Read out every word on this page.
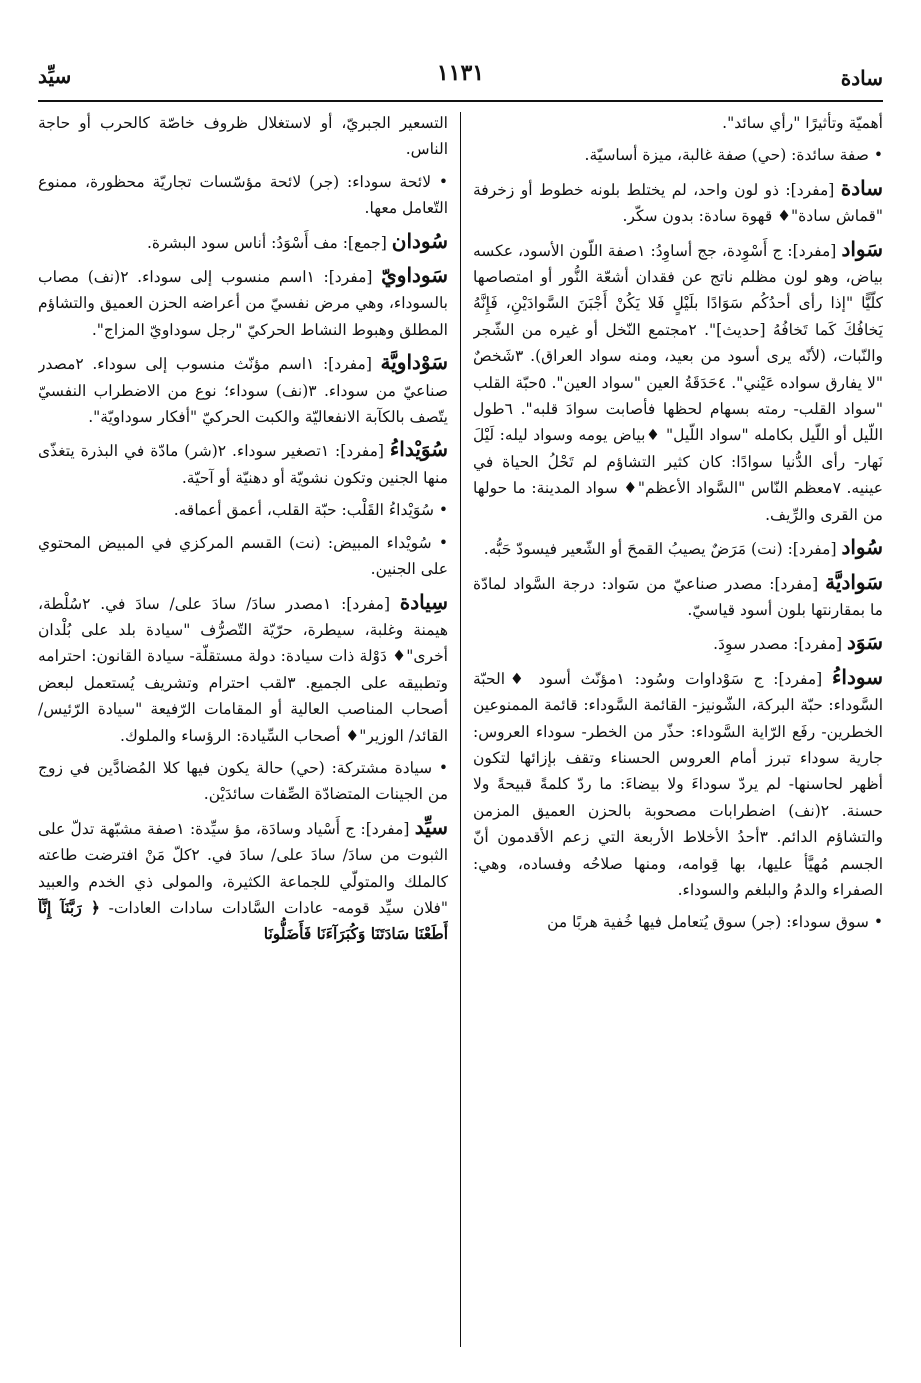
سادة
١١٣١
سيِّد

أهميّة وتأثيرًا "رأي سائد".

• صفة سائدة: (حي) صفة غالبة، ميزة أساسيّة.

سادة [مفرد]: ذو لون واحد، لم يختلط بلونه خطوط أو زخرفة "قماش سادة"♦ قهوة سادة: بدون سكّر.

سَواد [مفرد]: ج أَسْوِدة، جج أساوِدُ: ١صفة اللّون الأسود، عكسه بياض، وهو لون مظلم ناتج عن فقدان أشعّة النُّور أو امتصاصها كلّيًّا "إذا رأى أحدُكُم سَوَادًا بلَيْلٍ فَلا يَكُنْ أَجْبَنَ السَّوادَيْنِ، فَإِنَّهُ يَخافُكَ كَما تَخافُهُ [حديث]". ٢مجتمع النّخل أو غيره من الشّجر والنّبات، (لأنّه يرى أسود من بعيد، ومنه سواد العراق). ٣شَخصٌ "لا يفارق سواده عَيْني". ٤حَدَقَةُ العين "سواد العين". ٥حبّة القلب "سواد القلب- رمته بسهام لحظها فأصابت سوادَ قلبه". ٦طول اللّيل أو اللّيل بكامله "سواد اللّيل" ♦بياض يومه وسواد ليله: لَيْلَ نَهار- رأى الدُّنيا سوادًا: كان كثير التشاؤم لم تَحْلُ الحياة في عينيه. ٧معظم النّاس "السَّواد الأعظم"♦ سواد المدينة: ما حولها من القرى والرِّيف.

سُواد [مفرد]: (نت) مَرَضٌ يصيبُ القمحَ أو الشّعير فيسودّ حَبُّه.

سَواديَّة [مفرد]: مصدر صناعيّ من سَواد: درجة السَّواد لمادّة ما بمقارنتها بلون أسود قياسيّ.

سَوَد [مفرد]: مصدر سوِدَ.

سوداءُ [مفرد]: ج سَوْداوات وسُود: ١مؤنّث أسود ♦الحبّة السَّوداء: حبّة البركة، الشّونيز- القائمة السَّوداء: قائمة الممنوعين الخطرين- رفَع الرّاية السَّوداء: حذّر من الخطر- سوداء العروس: جارية سوداء تبرز أمام العروس الحسناء وتقف بإزائها لتكون أظهر لحاسنها- لم يردّ سوداءَ ولا بيضاءَ: ما ردّ كلمةً قبيحةً ولا حسنة. ٢(نف) اضطرابات مصحوبة بالحزن العميق المزمن والتشاؤم الدائم. ٣أحدُ الأخلاط الأربعة التي زعم الأقدمون أنّ الجسم مُهيَّأ عليها، بها قِوامه، ومنها صلاحُه وفساده، وهي: الصفراء والدمُ والبلغم والسوداء.

• سوق سوداء: (جر) سوق يُتعامل فيها خُفية هربًا من

التسعير الجبريّ، أو لاستغلال ظروف خاصّة كالحرب أو حاجة الناس.

• لائحة سوداء: (جر) لائحة مؤسّسات تجاريّة محظورة، ممنوع التّعامل معها.

سُودان [جمع]: مف أَسْوَدُ: أناس سود البشرة.

سَوداويّ [مفرد]: ١اسم منسوب إلى سوداء. ٢(نف) مصاب بالسوداء، وهي مرض نفسيّ من أعراضه الحزن العميق والتشاؤم المطلق وهبوط النشاط الحركيّ "رجل سوداويّ المزاج".

سَوْداويَّة [مفرد]: ١اسم مؤنّث منسوب إلى سوداء. ٢مصدر صناعيّ من سوداء. ٣(نف) سوداء؛ نوع من الاضطراب النفسيّ يتّصف بالكآبة الانفعاليّة والكبت الحركيّ "أفكار سوداويّة".

سُوَيْداءُ [مفرد]: ١تصغير سوداء. ٢(شر) مادّة في البذرة يتغذّى منها الجنين وتكون نشويّة أو دهنيّة أو آحيّة.

• سُوَيْداءُ القَلْب: حبّة القلب، أعمق أعماقه.

• سُويْداء المبيض: (نت) القسم المركزي في المبيض المحتوي على الجنين.

سِيادة [مفرد]: ١مصدر سادَ/ سادَ على/ سادَ في. ٢سُلْطة، هيمنة وغلبة، سيطرة، حرّيّة التّصرُّف "سيادة بلد على بُلْدان أخرى"♦ دَوْلة ذات سيادة: دولة مستقلّة- سيادة القانون: احترامه وتطبيقه على الجميع. ٣لقب احترام وتشريف يُستعمل لبعض أصحاب المناصب العالية أو المقامات الرّفيعة "سيادة الرّئيس/ القائد/ الوزير"♦ أصحاب السِّيادة: الرؤساء والملوك.

• سيادة مشتركة: (حي) حالة يكون فيها كلا المُضادَّين في زوج من الجينات المتضادّة الصِّفات سائدَيْن.

سيِّد [مفرد]: ج أَسْياد وسادَة، مؤ سيِّدة: ١صفة مشبّهة تدلّ على الثبوت من سادَ/ سادَ على/ سادَ في. ٢كلّ مَنْ افترضت طاعته كالملك والمتولّي للجماعة الكثيرة، والمولى ذي الخدم والعبيد "فلان سيِّد قومه- عادات السَّادات سادات العادات- ﴿ رَبَّنَآ إِنَّآ أَطَعْنَا سَادَتَنَا وَكُبَرَآءَنَا فَأَضَلُّونَا
